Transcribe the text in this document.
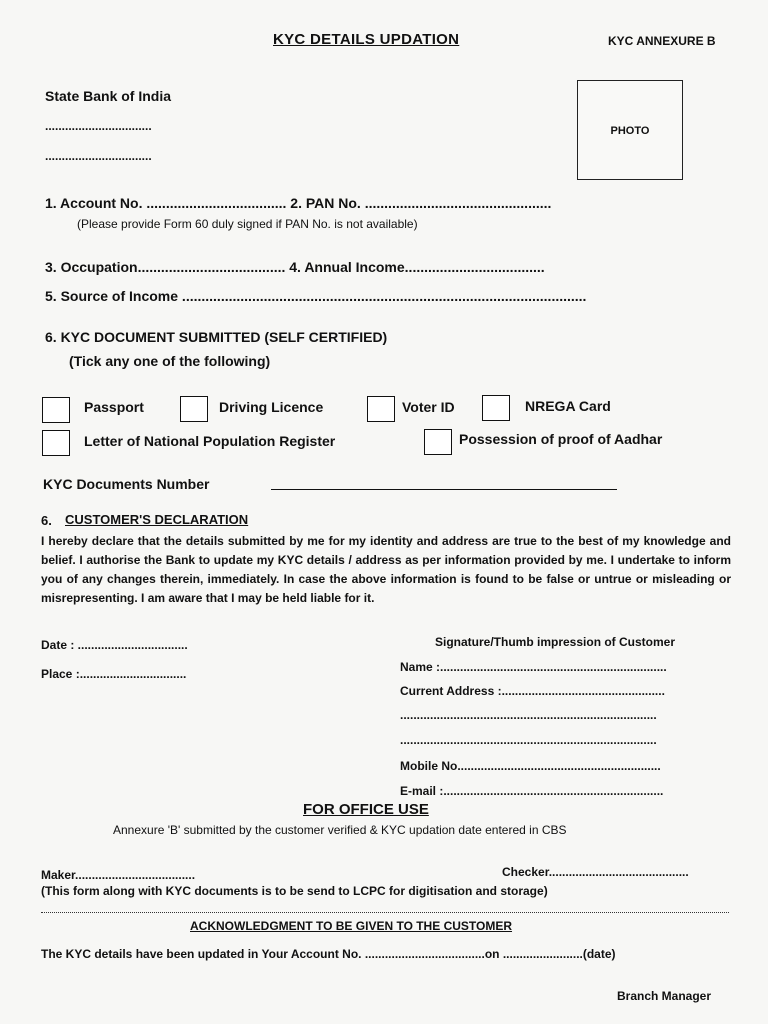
KYC DETAILS UPDATION	KYC ANNEXURE B
State Bank of India
................................
................................
PHOTO
1. Account No. .................................... 2. PAN No. ................................................
(Please provide Form 60 duly signed if PAN No. is not available)
3. Occupation...................................... 4. Annual Income....................................
5. Source of Income ........................................................................................................
6. KYC DOCUMENT SUBMITTED (SELF CERTIFIED)
(Tick any one of the following)
Passport	Driving Licence	Voter ID	NREGA Card
Letter of National Population Register	Possession of proof of Aadhar
KYC Documents Number
6. CUSTOMER'S DECLARATION
I hereby declare that the details submitted by me for my identity and address are true to the best of my knowledge and belief. I authorise the Bank to update my KYC details / address as per information provided by me. I undertake to inform you of any changes therein, immediately. In case the above information is found to be false or untrue or misleading or misrepresenting. I am aware that I may be held liable for it.
Date : .................................
Place :................................
Signature/Thumb impression of Customer
Name :....................................................................
Current Address :.................................................
.............................................................................
.............................................................................
Mobile No.............................................................
E-mail :..................................................................
FOR OFFICE USE
Annexure 'B' submitted by the customer verified & KYC updation date entered in CBS
Maker....................................	Checker..........................................
(This form along with KYC documents is to be send to LCPC for digitisation and storage)
ACKNOWLEDGMENT TO BE GIVEN TO THE CUSTOMER
The KYC details have been updated in Your Account No. ....................................on ........................(date)
Branch Manager
